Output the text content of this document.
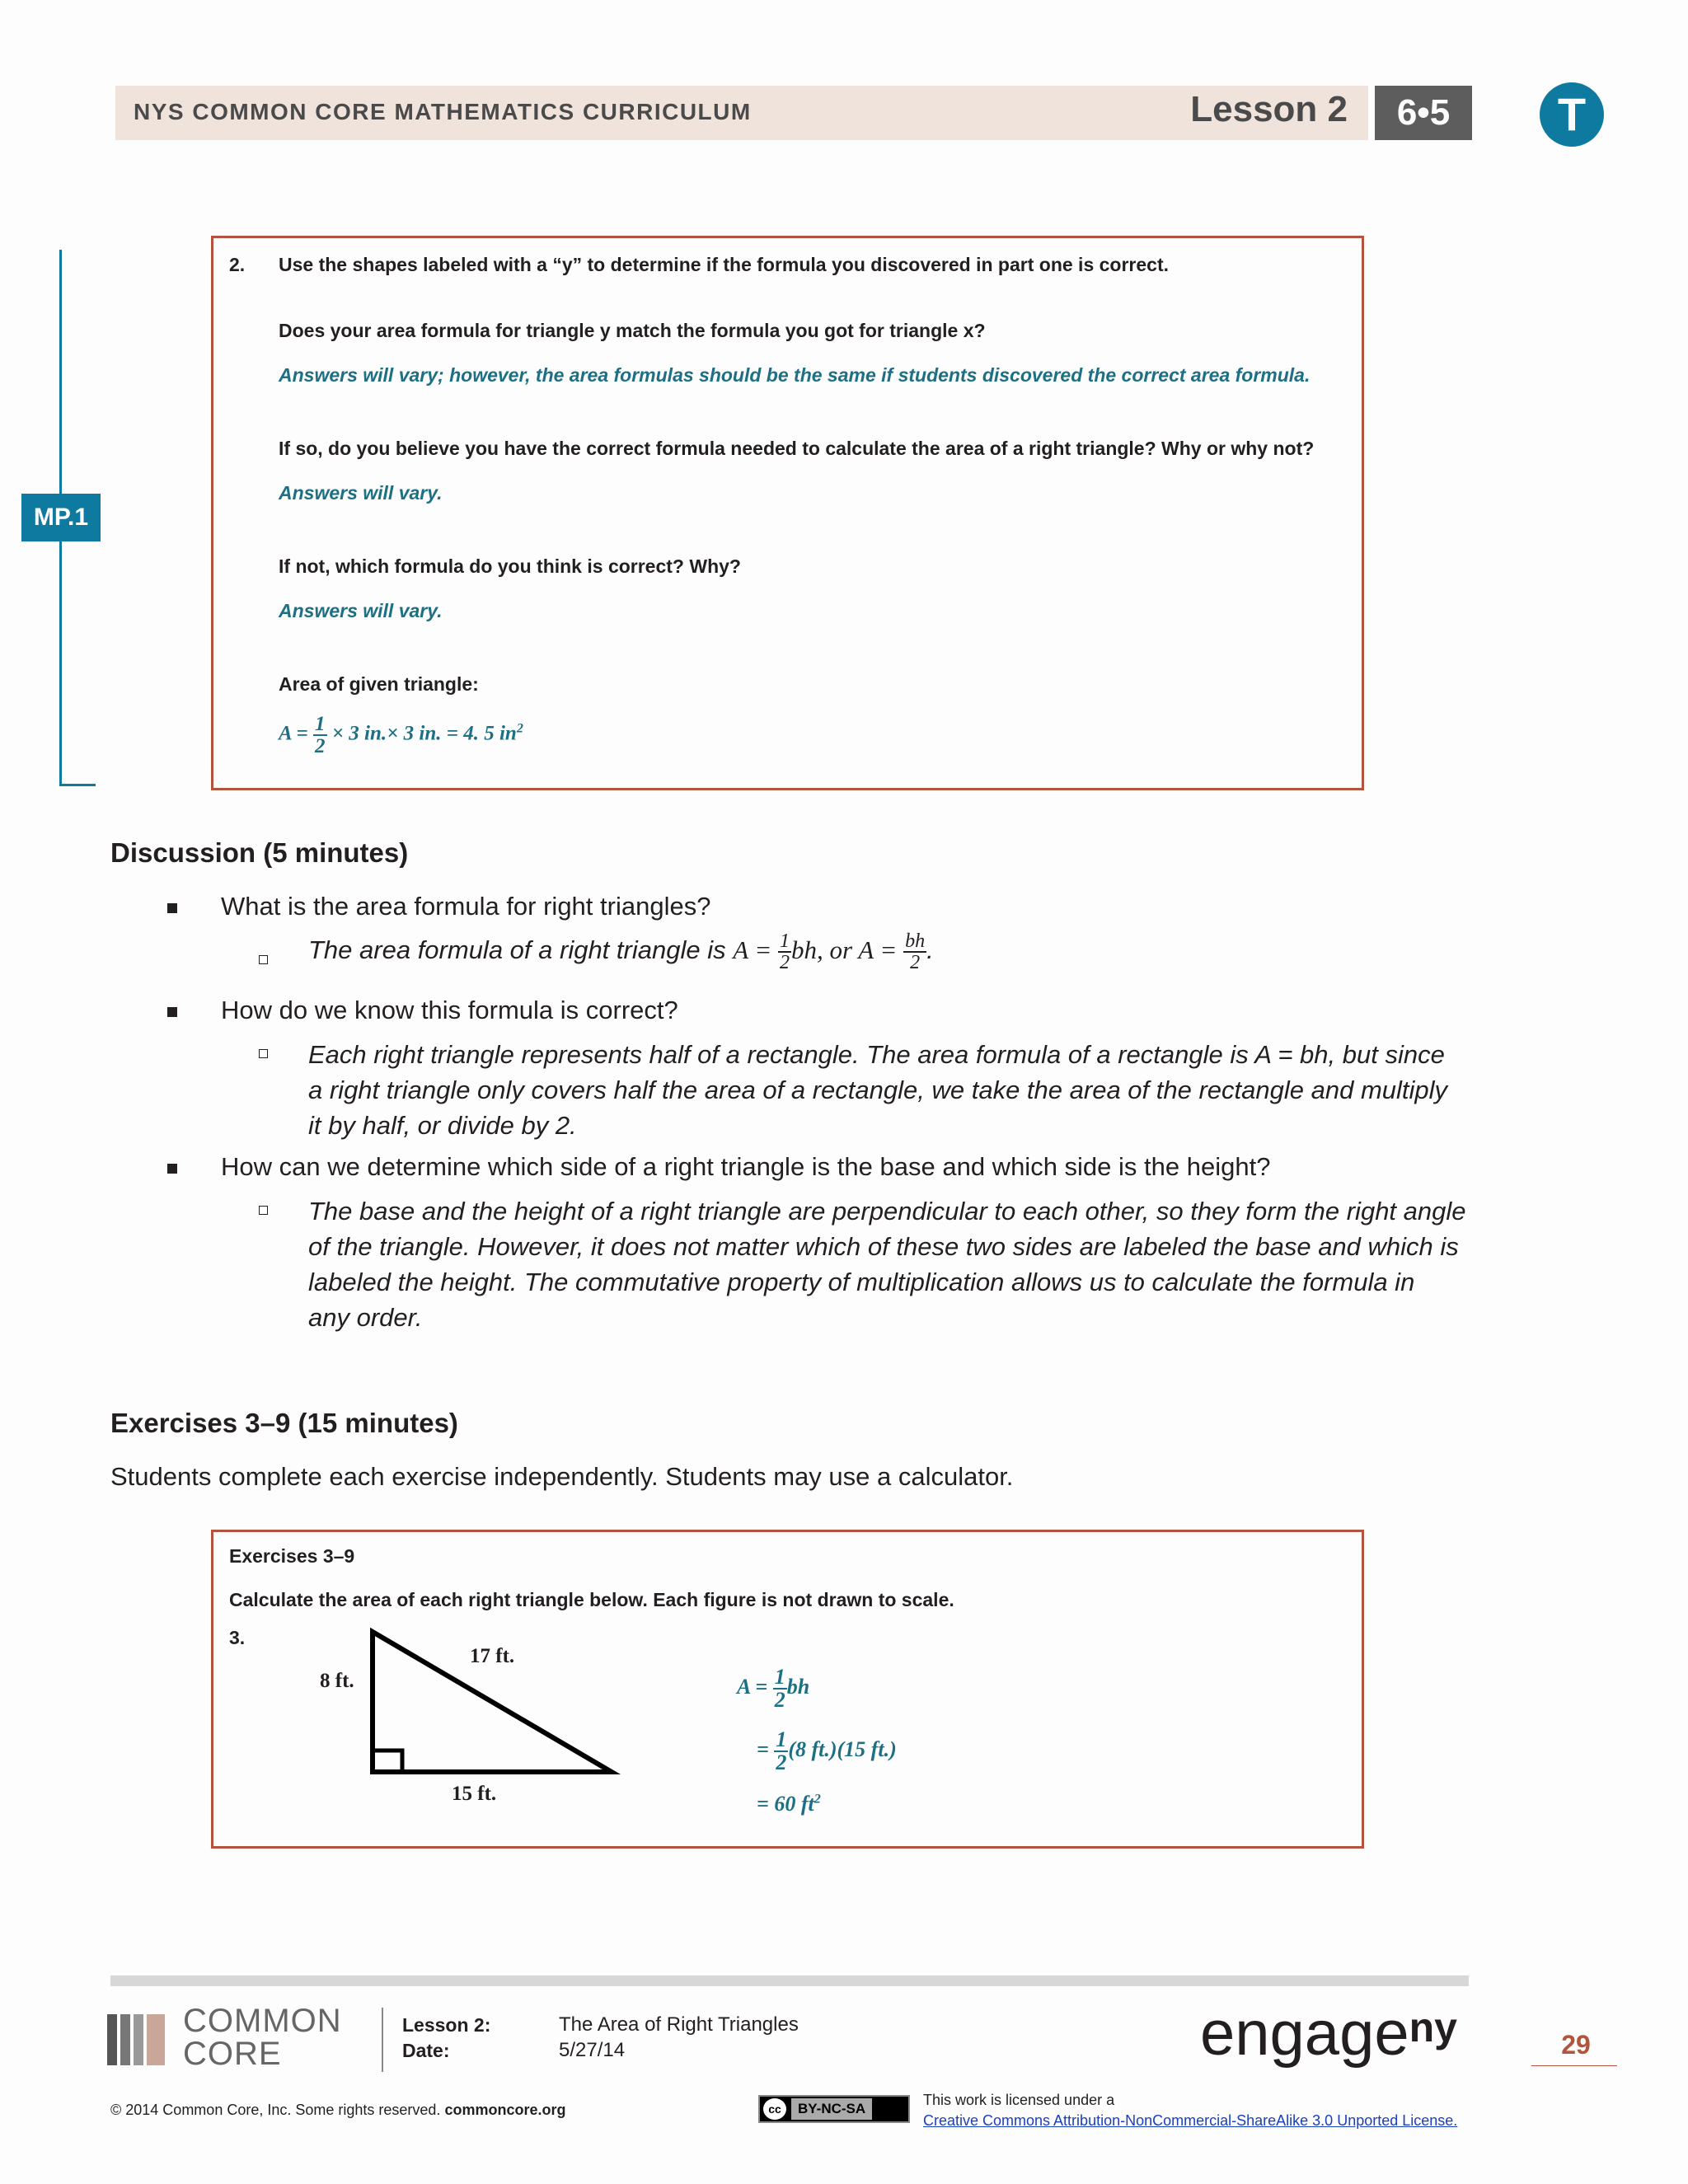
NYS COMMON CORE MATHEMATICS CURRICULUM	Lesson 2	6•5	T
MP.1
2. Use the shapes labeled with a “y” to determine if the formula you discovered in part one is correct.
Does your area formula for triangle y match the formula you got for triangle x?
Answers will vary; however, the area formulas should be the same if students discovered the correct area formula.
If so, do you believe you have the correct formula needed to calculate the area of a right triangle? Why or why not?
Answers will vary.
If not, which formula do you think is correct? Why?
Answers will vary.
Area of given triangle:
$A = \frac{1}{2} \times 3$ in.× 3 in. = 4. 5 $in^2$
Discussion (5 minutes)
What is the area formula for right triangles?
The area formula of a right triangle is $A = \frac{1}{2}$ bh, or $A = \frac{bh}{2}$ .
How do we know this formula is correct?
Each right triangle represents half of a rectangle. The area formula of a rectangle is A = bh, but since
a right triangle only covers half the area of a rectangle, we take the area of the rectangle and multiply
it by half, or divide by 2.
How can we determine which side of a right triangle is the base and which side is the height?
The base and the height of a right triangle are perpendicular to each other, so they form the right angle
of the triangle. However, it does not matter which of these two sides are labeled the base and which is
labeled the height. The commutative property of multiplication allows us to calculate the formula in
any order.
Exercises 3–9 (15 minutes)
Students complete each exercise independently. Students may use a calculator.
Exercises 3–9
Calculate the area of each right triangle below. Each figure is not drawn to scale.
3.
8 ft.
17 ft.
15 ft.
$A = \frac{1}{2}$ bh
= $\frac{1}{2} (8$ ft.)(15 ft.)
= 60 $ft^2$
COMMON
CORE
Lesson 2:	The Area of Right Triangles
Date:	5/27/14	engage$^{ny}$	29
© 2014 Common Core, Inc. Some rights reserved. commoncore.org	cc BY-NC-SA
This work is licensed under a
Creative Commons Attribution-NonCommercial-ShareAlike 3.0 Unported License.
